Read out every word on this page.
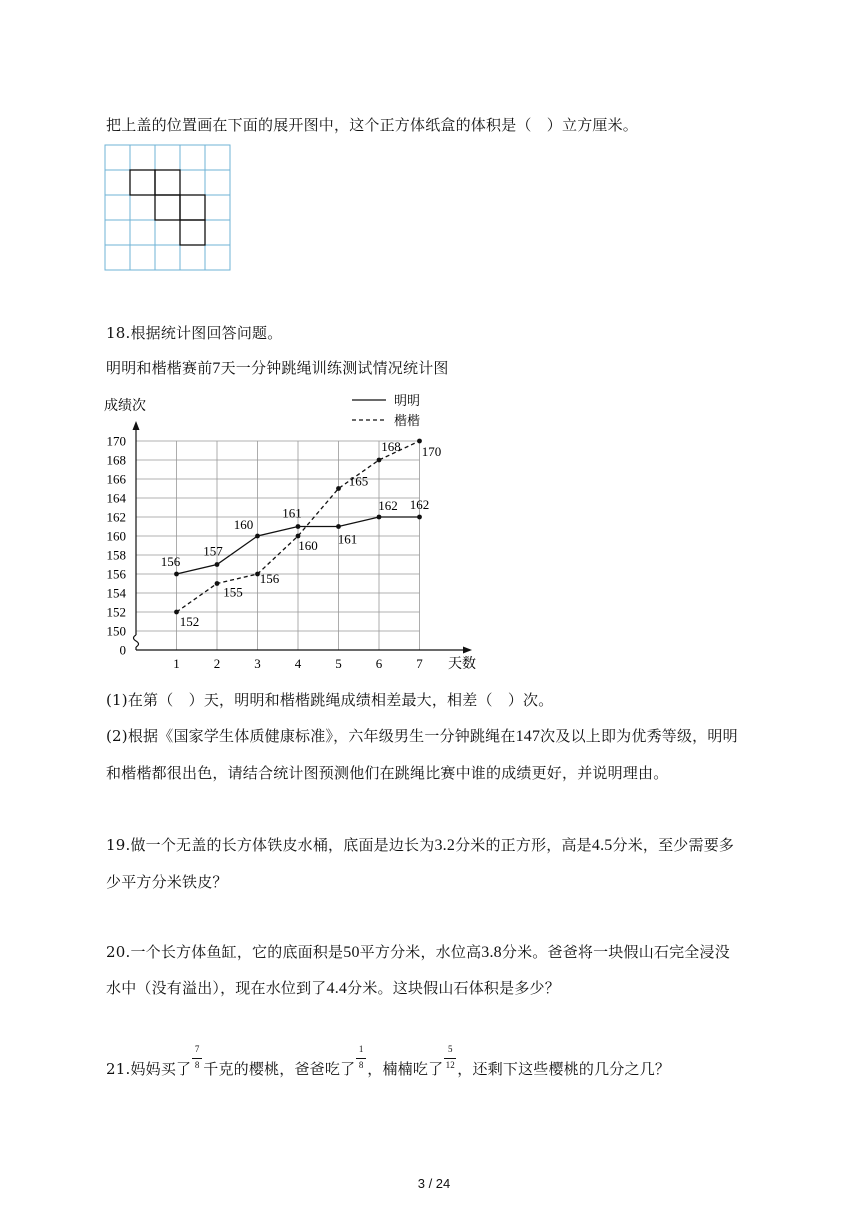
把上盖的位置画在下面的展开图中，这个正方体纸盒的体积是（　）立方厘米。
18.根据统计图回答问题。
明明和楷楷赛前7天一分钟跳绳训练测试情况统计图
成绩次
天数
0
150
152
154
156
158
160
162
164
166
168
170
1	2	3	4	5	6	7
明明
楷楷
156
157
160
161
161
162 162
152
155
156
160
165
168 170
(1)在第（　）天，明明和楷楷跳绳成绩相差最大，相差（　）次。
(2)根据《国家学生体质健康标准》，六年级男生一分钟跳绳在147次及以上即为优秀等级，明明
和楷楷都很出色，请结合统计图预测他们在跳绳比赛中谁的成绩更好，并说明理由。
19.做一个无盖的长方体铁皮水桶，底面是边长为3.2分米的正方形，高是4.5分米，至少需要多
少平方分米铁皮？
20.一个长方体鱼缸，它的底面积是50平方分米，水位高3.8分米。爸爸将一块假山石完全浸没
水中（没有溢出），现在水位到了4.4分米。这块假山石体积是多少？
21.妈妈买了 $\frac{7}{8}$ 千克的樱桃，爸爸吃了 $\frac{1}{8}$ ，楠楠吃了 $\frac{5}{12}$ ，还剩下这些樱桃的几分之几？
3 / 24
